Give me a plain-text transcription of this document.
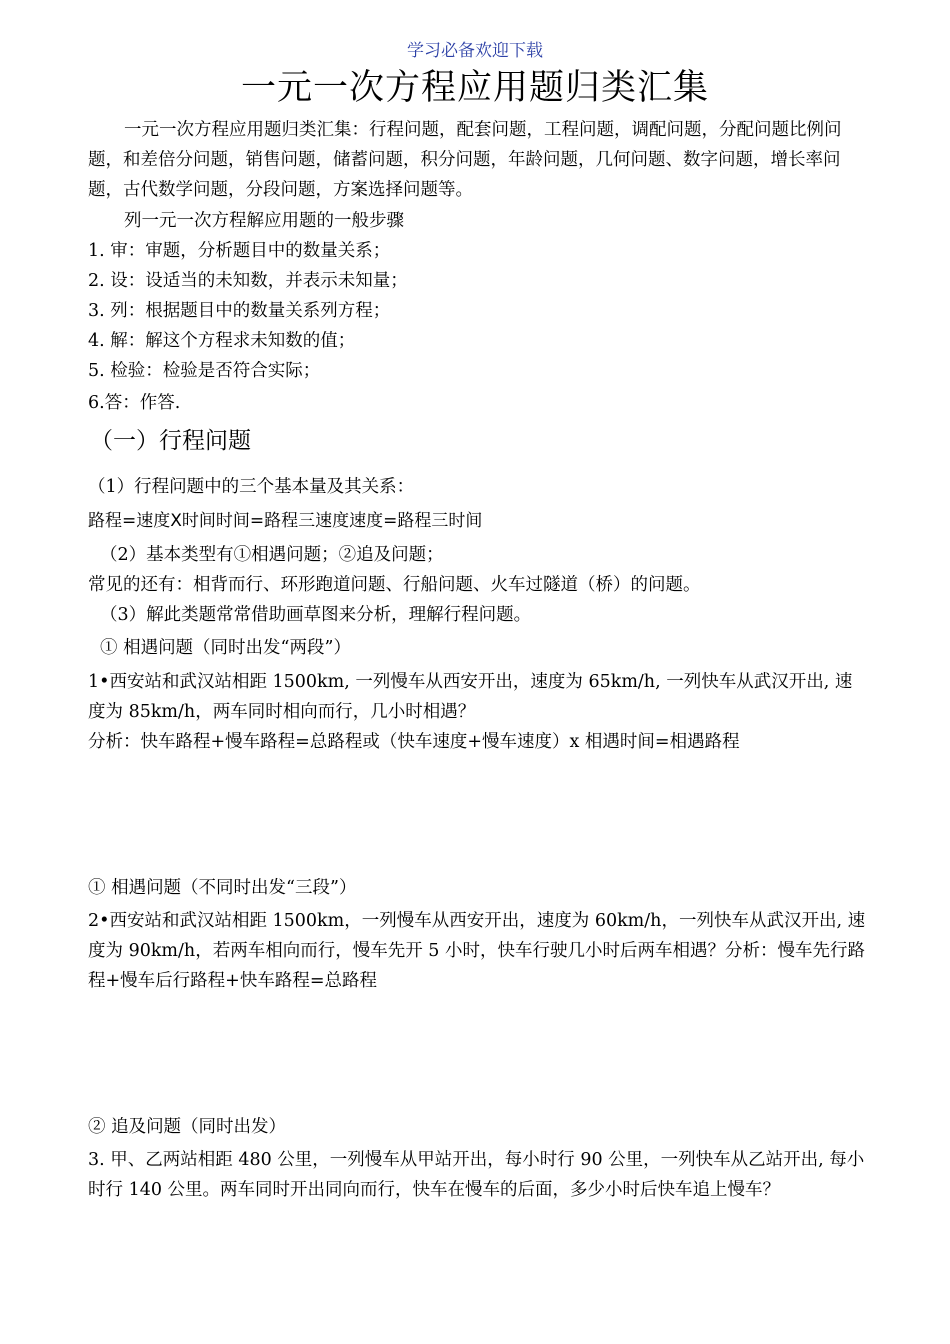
学习必备欢迎下载
一元一次方程应用题归类汇集
一元一次方程应用题归类汇集：行程问题，配套问题，工程问题，调配问题，分配问题比例问题，和差倍分问题，销售问题，储蓄问题，积分问题，年龄问题，几何问题、数字问题，增长率问题，古代数学问题，分段问题，方案选择问题等。
列一元一次方程解应用题的一般步骤
1. 审：审题，分析题目中的数量关系；
2. 设：设适当的未知数，并表示未知量；
3. 列：根据题目中的数量关系列方程；
4. 解：解这个方程求未知数的值；
5. 检验：检验是否符合实际；
6.答：作答.
（一）行程问题
（1）行程问题中的三个基本量及其关系：
路程=速度Ⅹ时间时间=路程三速度速度=路程三时间
（2）基本类型有①相遇问题；②追及问题；
常见的还有：相背而行、环形跑道问题、行船问题、火车过隧道（桥）的问题。
（3）解此类题常常借助画草图来分析，理解行程问题。
① 相遇问题（同时出发“两段”）
1•西安站和武汉站相距 1500km, 一列慢车从西安开出，速度为 65km/h, 一列快车从武汉开出, 速度为 85km/h，两车同时相向而行，几小时相遇？
分析：快车路程+慢车路程=总路程或（快车速度+慢车速度）x 相遇时间=相遇路程
① 相遇问题（不同时出发“三段”）
2•西安站和武汉站相距 1500km，一列慢车从西安开出，速度为 60km/h，一列快车从武汉开出, 速度为 90km/h，若两车相向而行，慢车先开 5 小时，快车行驶几小时后两车相遇？分析：慢车先行路程+慢车后行路程+快车路程=总路程
② 追及问题（同时出发）
3. 甲、乙两站相距 480 公里，一列慢车从甲站开出，每小时行 90 公里，一列快车从乙站开出, 每小时行 140 公里。两车同时开出同向而行，快车在慢车的后面，多少小时后快车追上慢车？
